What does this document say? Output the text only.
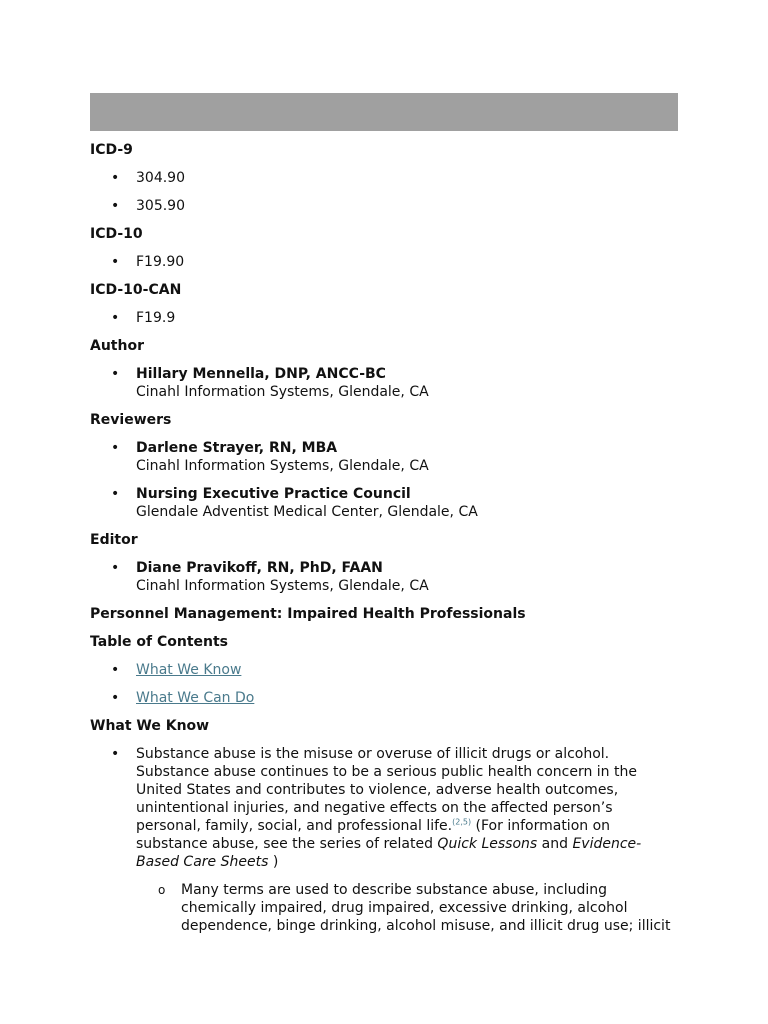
ICD-9
• 304.90
• 305.90
ICD-10
• F19.90
ICD-10-CAN
• F19.9
Author
• Hillary Mennella, DNP, ANCC-BC
Cinahl Information Systems, Glendale, CA
Reviewers
• Darlene Strayer, RN, MBA
Cinahl Information Systems, Glendale, CA
• Nursing Executive Practice Council
Glendale Adventist Medical Center, Glendale, CA
Editor
• Diane Pravikoff, RN, PhD, FAAN
Cinahl Information Systems, Glendale, CA
Personnel Management: Impaired Health Professionals
Table of Contents
• What We Know
• What We Can Do
What We Know
• Substance abuse is the misuse or overuse of illicit drugs or alcohol. Substance abuse continues to be a serious public health concern in the United States and contributes to violence, adverse health outcomes, unintentional injuries, and negative effects on the affected person’s personal, family, social, and professional life.$^{(2,5)}$ (For information on substance abuse, see the series of related Quick Lessons and Evidence-Based Care Sheets )
o Many terms are used to describe substance abuse, including chemically impaired, drug impaired, excessive drinking, alcohol dependence, binge drinking, alcohol misuse, and illicit drug use; illicit
